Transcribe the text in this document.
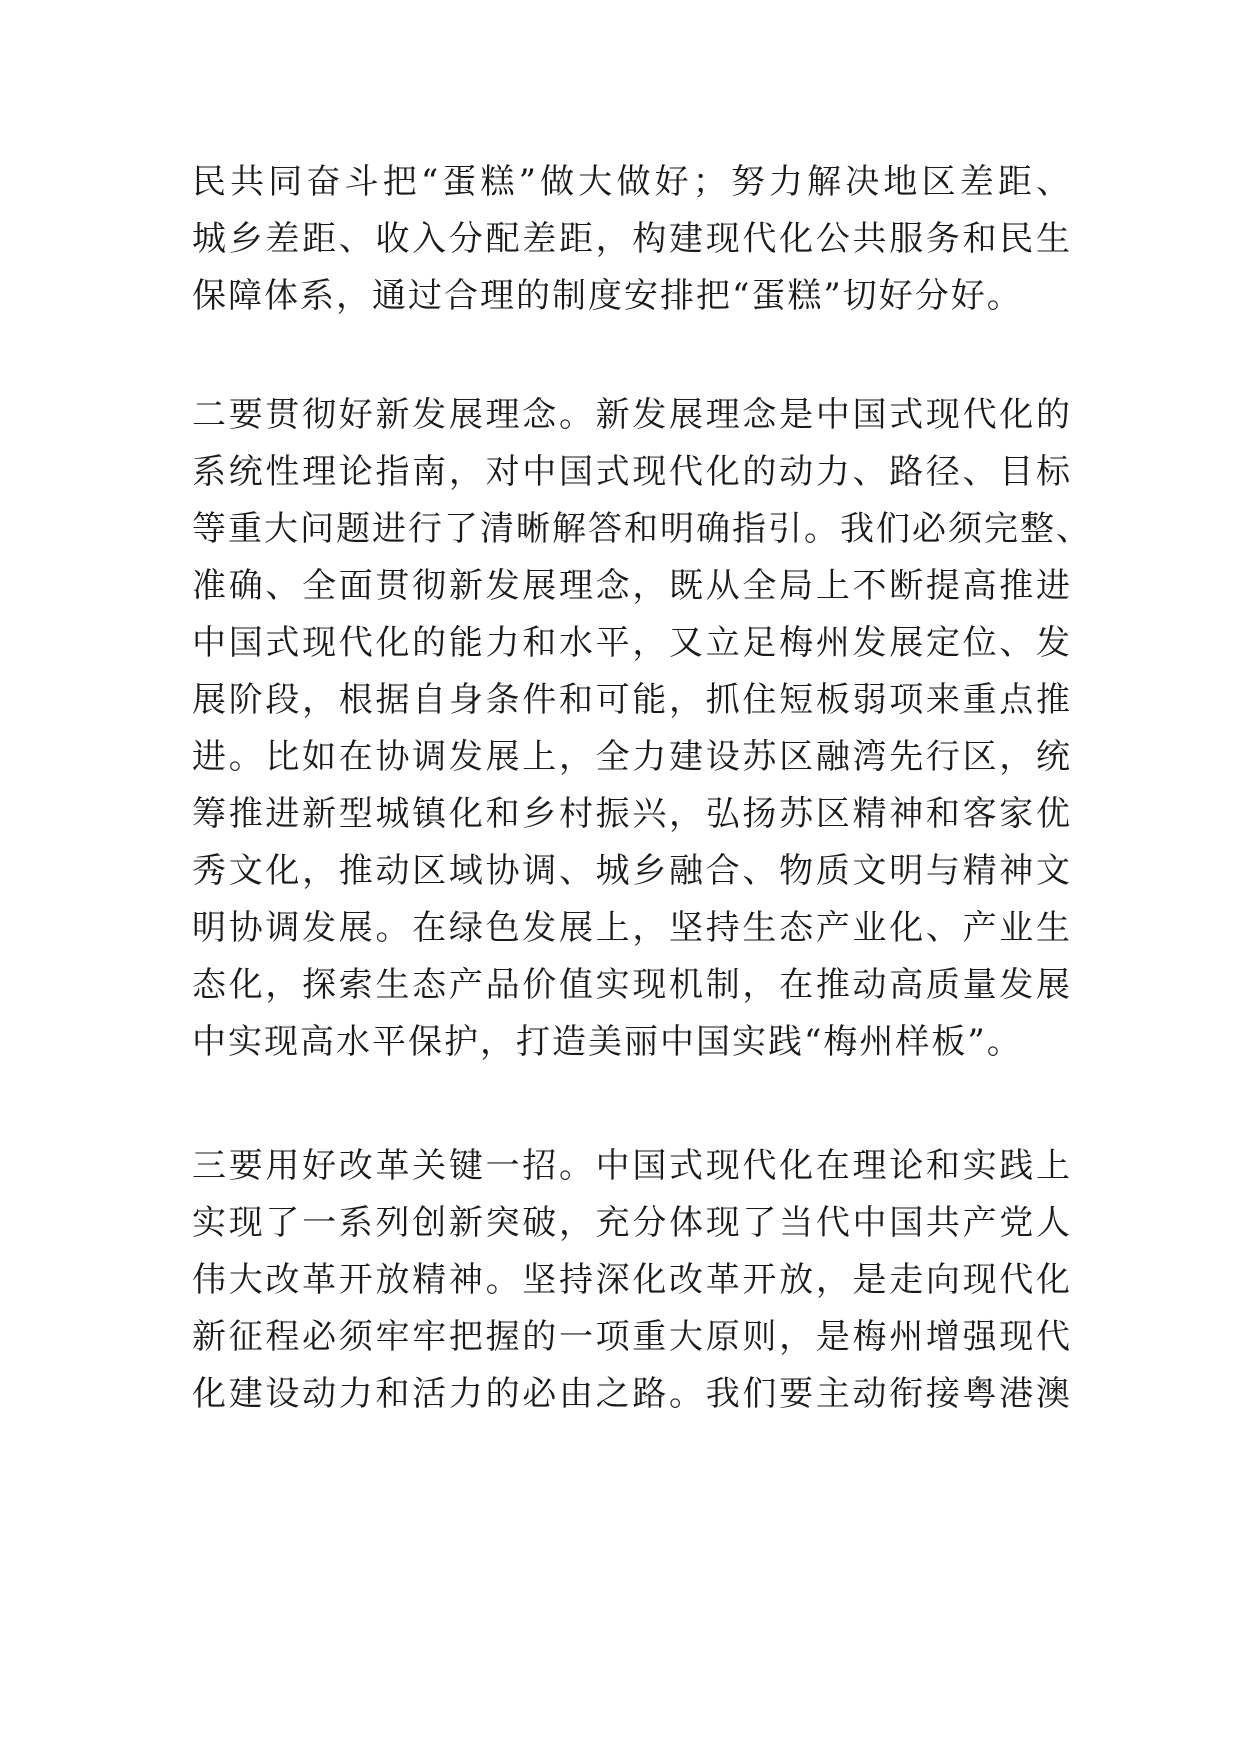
民共同奋斗把“蛋糕”做大做好；努力解决地区差距、
城乡差距、收入分配差距，构建现代化公共服务和民生
保障体系，通过合理的制度安排把“蛋糕”切好分好。
二要贯彻好新发展理念。新发展理念是中国式现代化的
系统性理论指南，对中国式现代化的动力、路径、目标
等重大问题进行了清晰解答和明确指引。我们必须完整、
准确、全面贯彻新发展理念，既从全局上不断提高推进
中国式现代化的能力和水平，又立足梅州发展定位、发
展阶段，根据自身条件和可能，抓住短板弱项来重点推
进。比如在协调发展上，全力建设苏区融湾先行区，统
筹推进新型城镇化和乡村振兴，弘扬苏区精神和客家优
秀文化，推动区域协调、城乡融合、物质文明与精神文
明协调发展。在绿色发展上，坚持生态产业化、产业生
态化，探索生态产品价值实现机制，在推动高质量发展
中实现高水平保护，打造美丽中国实践“梅州样板”。
三要用好改革关键一招。中国式现代化在理论和实践上
实现了一系列创新突破，充分体现了当代中国共产党人
伟大改革开放精神。坚持深化改革开放，是走向现代化
新征程必须牢牢把握的一项重大原则，是梅州增强现代
化建设动力和活力的必由之路。我们要主动衔接粤港澳
